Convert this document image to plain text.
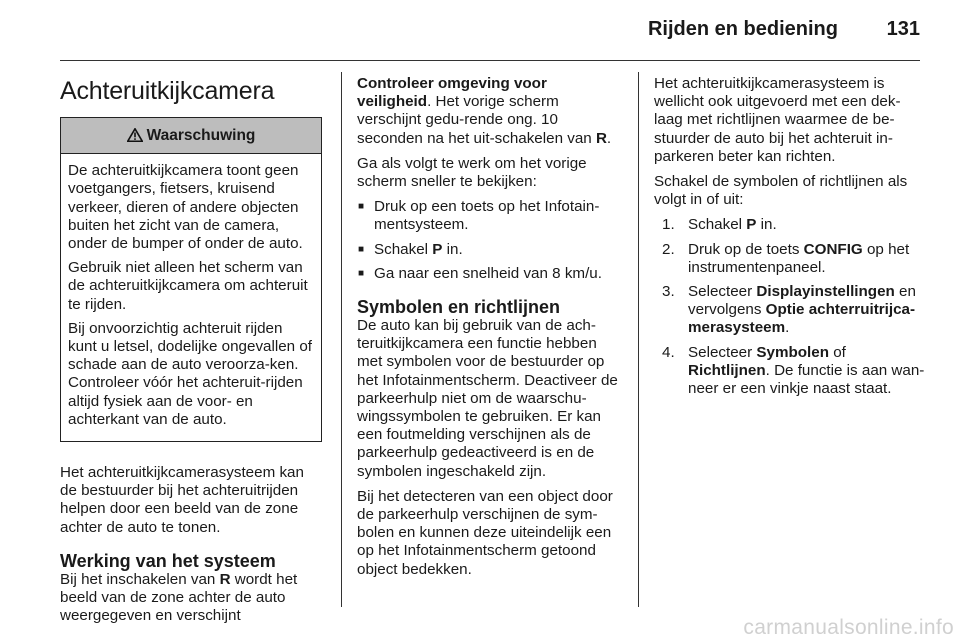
Rijden en bediening 131
Achteruitkijkcamera
Waarschuwing

De achteruitkijkcamera toont geen voetgangers, fietsers, kruisend verkeer, dieren of andere objecten buiten het zicht van de camera, onder de bumper of onder de auto.

Gebruik niet alleen het scherm van de achteruitkijkcamera om achteruit te rijden.

Bij onvoorzichtig achteruit rijden kunt u letsel, dodelijke ongevallen of schade aan de auto veroorza-ken. Controleer vóór het achteruit-rijden altijd fysiek aan de voor- en achterkant van de auto.

Het achteruitkijkcamerasysteem kan de bestuurder bij het achteruitrijden helpen door een beeld van de zone achter de auto te tonen.

Werking van het systeem

Bij het inschakelen van R wordt het beeld van de zone achter de auto weergegeven en verschijnt

Controleer omgeving voor veiligheid. Het vorige scherm verschijnt gedu-rende ong. 10 seconden na het uit-schakelen van R.

Ga als volgt te werk om het vorige scherm sneller te bekijken:

■ Druk op een toets op het Infotain-mentsysteem.
■ Schakel P in.
■ Ga naar een snelheid van 8 km/u.
Symbolen en richtlijnen

De auto kan bij gebruik van de ach-teruitkijkcamera een functie hebben met symbolen voor de bestuurder op het Infotainmentscherm. Deactiveer de parkeerhulp niet om de waarschu-wingssymbolen te gebruiken. Er kan een foutmelding verschijnen als de parkeerhulp gedeactiveerd is en de symbolen ingeschakeld zijn.

Bij het detecteren van een object door de parkeerhulp verschijnen de sym-bolen en kunnen deze uiteindelijk een op het Infotainmentscherm getoond object bedekken.

Het achteruitkijkcamerasysteem is wellicht ook uitgevoerd met een dek-laag met richtlijnen waarmee de be-stuurder de auto bij het achteruit in-parkeren beter kan richten.

Schakel de symbolen of richtlijnen als volgt in of uit:

1. Schakel P in.
2. Druk op de toets CONFIG op het instrumentenpaneel.
3. Selecteer Displayinstellingen en vervolgens Optie achterruitrijca-merasysteem.
4. Selecteer Symbolen of Richtlijnen. De functie is aan wan-neer er een vinkje naast staat.
carmanualsonline.info
